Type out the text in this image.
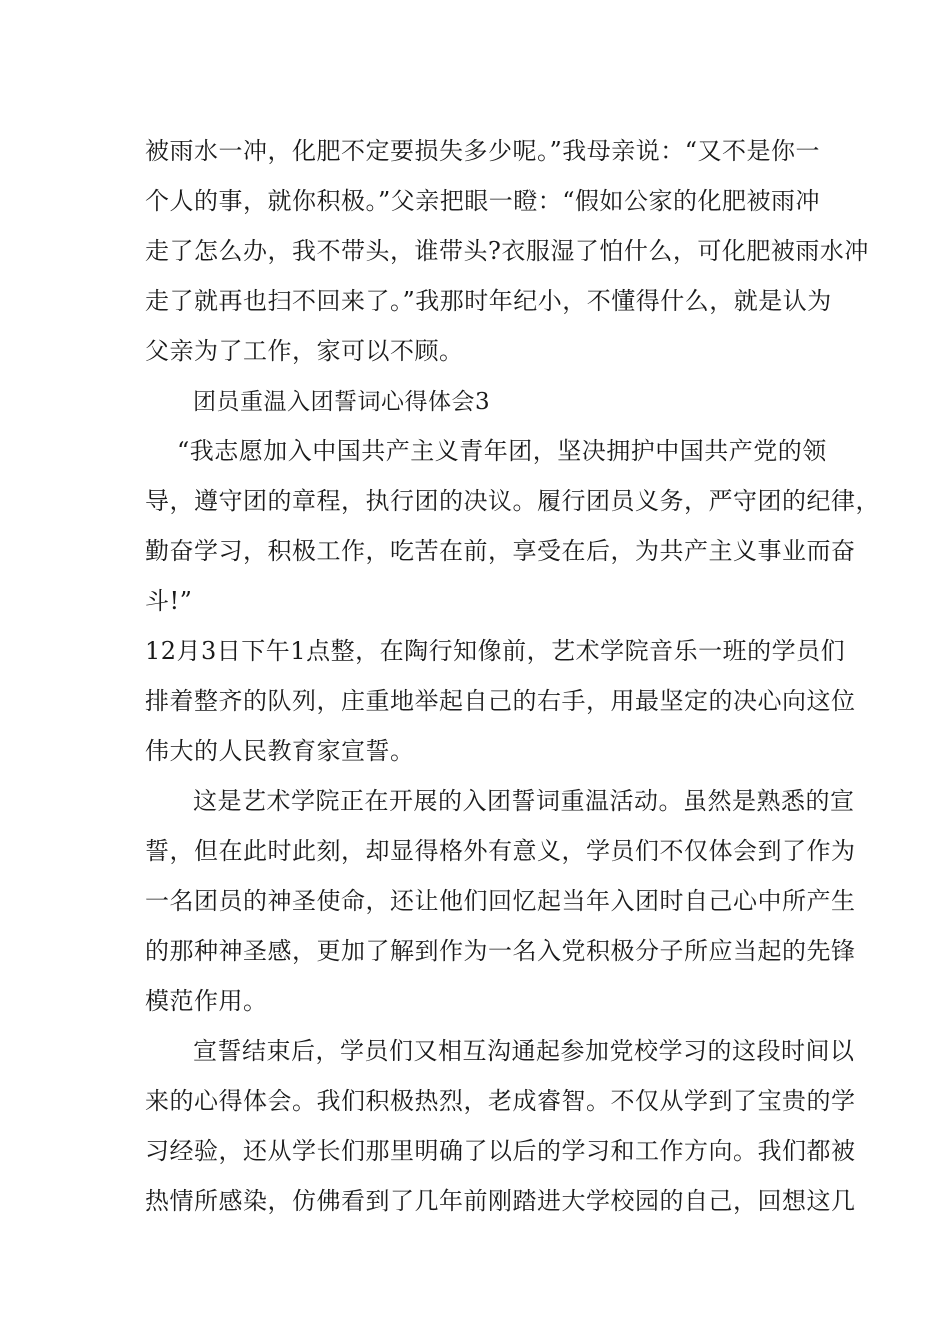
被雨水一冲，化肥不定要损失多少呢。”我母亲说：“又不是你一
个人的事，就你积极。”父亲把眼一瞪：“假如公家的化肥被雨冲
走了怎么办，我不带头，谁带头?衣服湿了怕什么，可化肥被雨水冲
走了就再也扫不回来了。”我那时年纪小，不懂得什么，就是认为
父亲为了工作，家可以不顾。
团员重温入团誓词心得体会3
“我志愿加入中国共产主义青年团，坚决拥护中国共产党的领
导，遵守团的章程，执行团的决议。履行团员义务，严守团的纪律，
勤奋学习，积极工作，吃苦在前，享受在后，为共产主义事业而奋
斗!”
12月3日下午1点整，在陶行知像前，艺术学院音乐一班的学员们
排着整齐的队列，庄重地举起自己的右手，用最坚定的决心向这位
伟大的人民教育家宣誓。
这是艺术学院正在开展的入团誓词重温活动。虽然是熟悉的宣
誓，但在此时此刻，却显得格外有意义，学员们不仅体会到了作为
一名团员的神圣使命，还让他们回忆起当年入团时自己心中所产生
的那种神圣感，更加了解到作为一名入党积极分子所应当起的先锋
模范作用。
宣誓结束后，学员们又相互沟通起参加党校学习的这段时间以
来的心得体会。我们积极热烈，老成睿智。不仅从学到了宝贵的学
习经验，还从学长们那里明确了以后的学习和工作方向。我们都被
热情所感染，仿佛看到了几年前刚踏进大学校园的自己，回想这几
